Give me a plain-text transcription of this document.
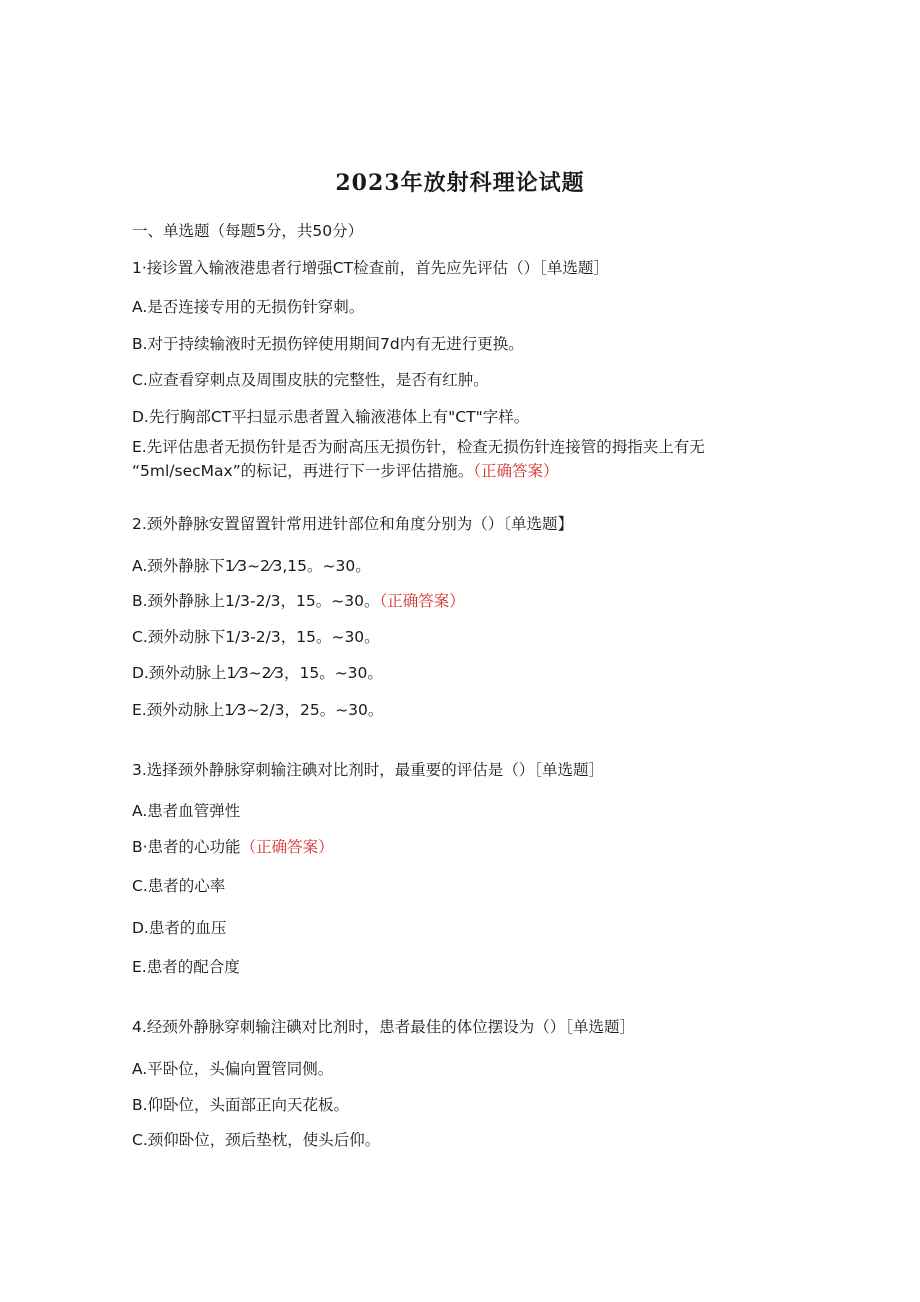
2023年放射科理论试题
一、单选题（每题5分，共50分）
1·接诊置入输液港患者行增强CT检查前，首先应先评估（）［单选题］
A.是否连接专用的无损伤针穿刺。
B.对于持续输液时无损伤锌使用期间7d内有无进行更换。
C.应查看穿刺点及周围皮肤的完整性，是否有红肿。
D.先行胸部CT平扫显示患者置入输液港体上有"CT"字样。
E.先评估患者无损伤针是否为耐高压无损伤针，检查无损伤针连接管的拇指夹上有无
“5ml∕secMax”的标记，再进行下一步评估措施。（正确答案）
2.颈外静脉安置留置针常用进针部位和角度分别为（）〔单选题】
A.颈外静脉下1⁄3~2⁄3,15。~30。
B.颈外静脉上1/3-2/3，15。~30。（正确答案）
C.颈外动脉下1/3-2/3，15。~30。
D.颈外动脉上1⁄3~2⁄3，15。~30。
E.颈外动脉上1⁄3~2/3，25。~30。
3.选择颈外静脉穿刺输注碘对比剂时，最重要的评估是（）［单选题］
A.患者血管弹性
B·患者的心功能（正确答案）
C.患者的心率
D.患者的血压
E.患者的配合度
4.经颈外静脉穿刺输注碘对比剂时，患者最佳的体位摆设为（）［单选题］
A.平卧位，头偏向置管同侧。
B.仰卧位，头面部正向天花板。
C.颈仰卧位，颈后垫枕，使头后仰。
